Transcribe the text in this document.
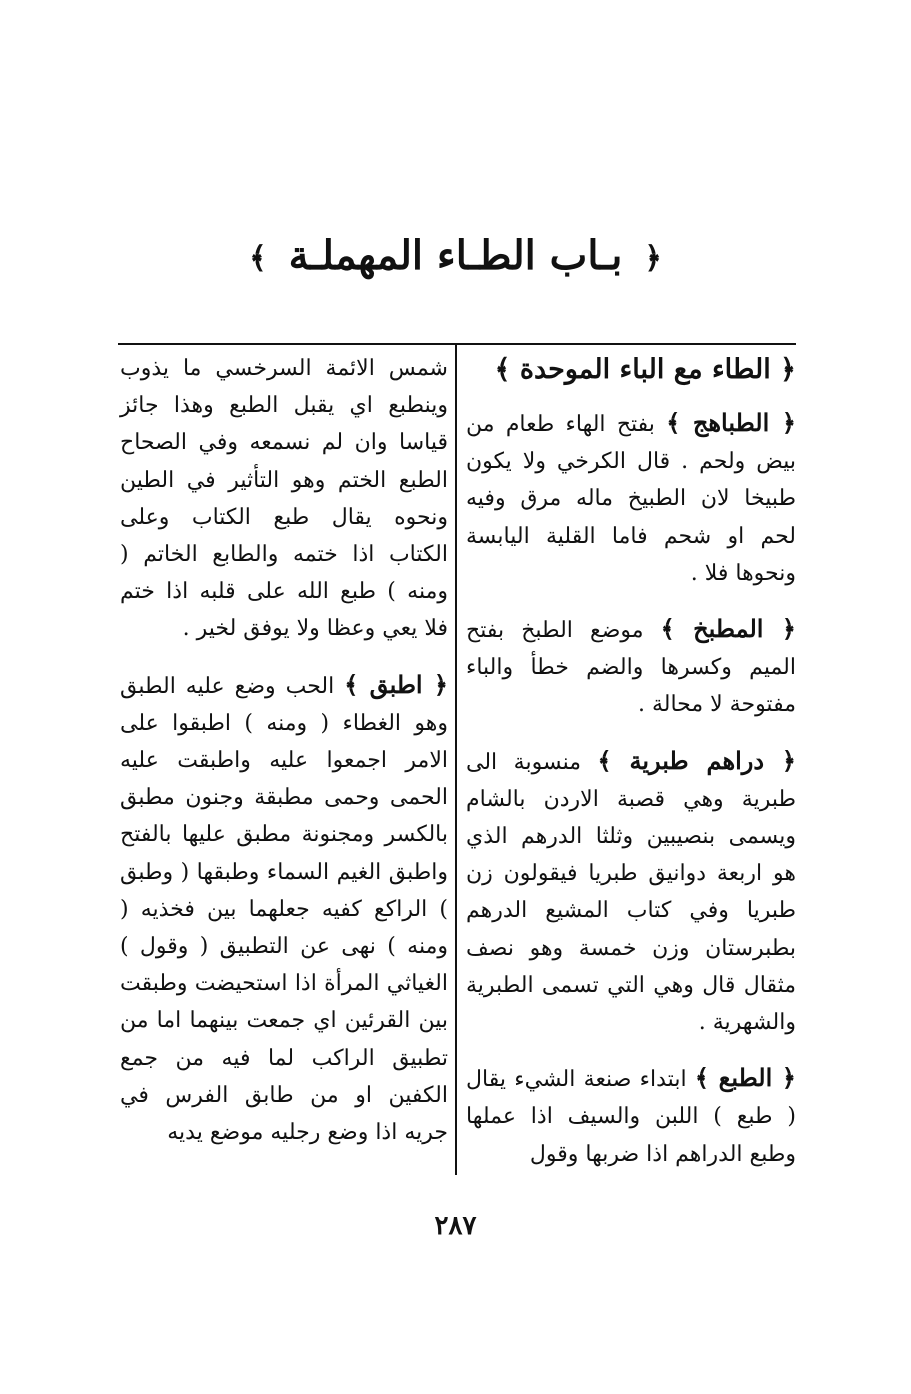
﴿ بـاب الطـاء المهملـة ﴾
﴿ الطاء مع الباء الموحدة ﴾

﴿ الطباهج ﴾ بفتح الهاء طعام من بيض ولحم . قال الكرخي ولا يكون طبيخا لان الطبيخ ماله مرق وفيه لحم او شحم فاما القلية اليابسة ونحوها فلا .

﴿ المطبخ ﴾ موضع الطبخ بفتح الميم وكسرها والضم خطأ والباء مفتوحة لا محالة .

﴿ دراهم طبرية ﴾ منسوبة الى طبرية وهي قصبة الاردن بالشام ويسمى بنصيبين وثلثا الدرهم الذي هو اربعة دوانيق طبريا فيقولون زن طبريا وفي كتاب المشيع الدرهم بطبرستان وزن خمسة وهو نصف مثقال قال وهي التي تسمى الطبرية والشهرية .

﴿ الطبع ﴾ ابتداء صنعة الشيء يقال ( طبع ) اللبن والسيف اذا عملها وطبع الدراهم اذا ضربها وقول

شمس الائمة السرخسي ما يذوب وينطبع اي يقبل الطبع وهذا جائز قياسا وان لم نسمعه وفي الصحاح الطبع الختم وهو التأثير في الطين ونحوه يقال طبع الكتاب وعلى الكتاب اذا ختمه والطابع الخاتم ( ومنه ) طبع الله على قلبه اذا ختم فلا يعي وعظا ولا يوفق لخير .

﴿ اطبق ﴾ الحب وضع عليه الطبق وهو الغطاء ( ومنه ) اطبقوا على الامر اجمعوا عليه واطبقت عليه الحمى وحمى مطبقة وجنون مطبق بالكسر ومجنونة مطبق عليها بالفتح واطبق الغيم السماء وطبقها ( وطبق ) الراكع كفيه جعلهما بين فخذيه ( ومنه ) نهى عن التطبيق ( وقول ) الغياثي المرأة اذا استحيضت وطبقت بين القرئين اي جمعت بينهما اما من تطبيق الراكب لما فيه من جمع الكفين او من طابق الفرس في جريه اذا وضع رجليه موضع يديه

٢٨٧
